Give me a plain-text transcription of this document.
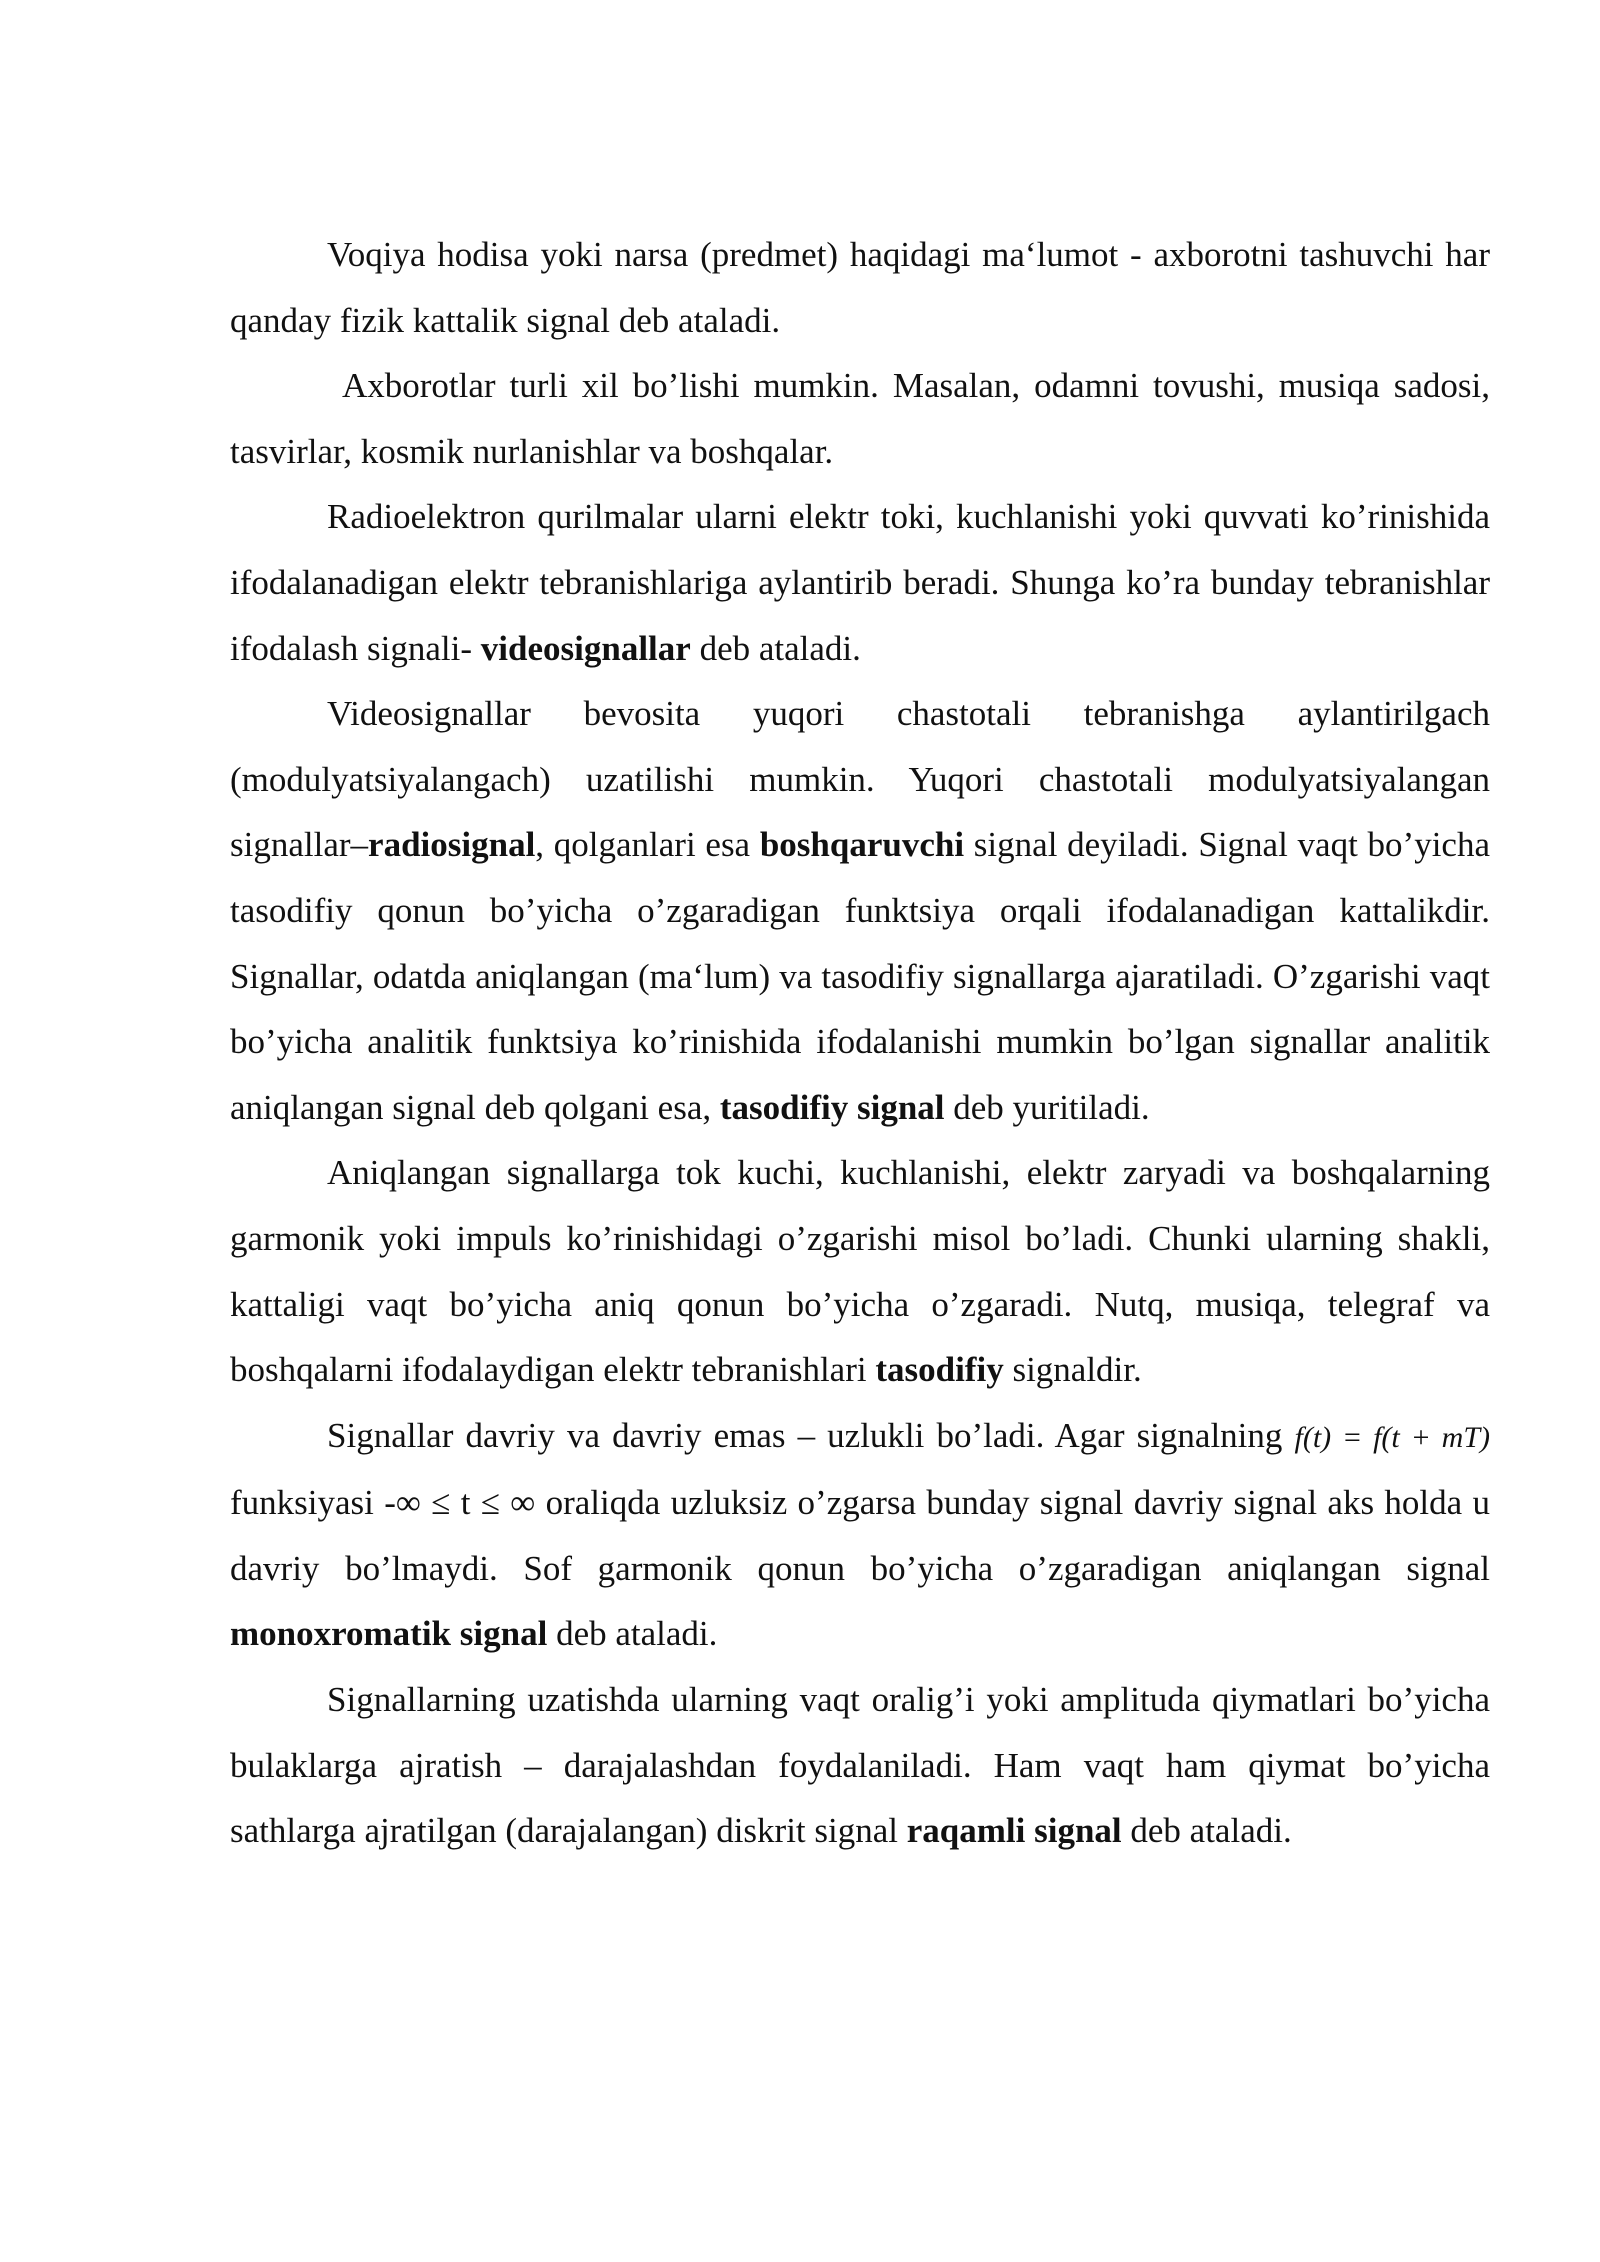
Voqiya hodisa yoki narsa (predmet) haqidagi ma‘lumot - axborotni tashuvchi har qanday fizik kattalik signal deb ataladi.

Axborotlar turli xil bo’lishi mumkin. Masalan, odamni tovushi, musiqa sadosi, tasvirlar, kosmik nurlanishlar va boshqalar.

Radioelektron qurilmalar ularni elektr toki, kuchlanishi yoki quvvati ko’rinishida ifodalanadigan elektr tebranishlariga aylantirib beradi. Shunga ko’ra bunday tebranishlar ifodalash signali- videosignallar deb ataladi.

Videosignallar bevosita yuqori chastotali tebranishga aylantirilgach (modulyatsiyalangach) uzatilishi mumkin. Yuqori chastotali modulyatsiyalangan signallar–radiosignal, qolganlari esa boshqaruvchi signal deyiladi. Signal vaqt bo’yicha tasodifiy qonun bo’yicha o’zgaradigan funktsiya orqali ifodalanadigan kattalikdir. Signallar, odatda aniqlangan (ma‘lum) va tasodifiy signallarga ajaratiladi. O’zgarishi vaqt bo’yicha analitik funktsiya ko’rinishida ifodalanishi mumkin bo’lgan signallar analitik aniqlangan signal deb qolgani esa, tasodifiy signal deb yuritiladi.

Aniqlangan signallarga tok kuchi, kuchlanishi, elektr zaryadi va boshqalarning garmonik yoki impuls ko’rinishidagi o’zgarishi misol bo’ladi. Chunki ularning shakli, kattaligi vaqt bo’yicha aniq qonun bo’yicha o’zgaradi. Nutq, musiqa, telegraf va boshqalarni ifodalaydigan elektr tebranishlari tasodifiy signaldir.

Signallar davriy va davriy emas – uzlukli bo’ladi. Agar signalning f(t) = f(t + mT) funksiyasi -∞ ≤ t ≤ ∞ oraliqda uzluksiz o’zgarsa bunday signal davriy signal aks holda u davriy bo’lmaydi. Sof garmonik qonun bo’yicha o’zgaradigan aniqlangan signal monoxromatik signal deb ataladi.

Signallarning uzatishda ularning vaqt oralig’i yoki amplituda qiymatlari bo’yicha bulaklarga ajratish – darajalashdan foydalaniladi. Ham vaqt ham qiymat bo’yicha sathlarga ajratilgan (darajalangan) diskrit signal raqamli signal deb ataladi.
